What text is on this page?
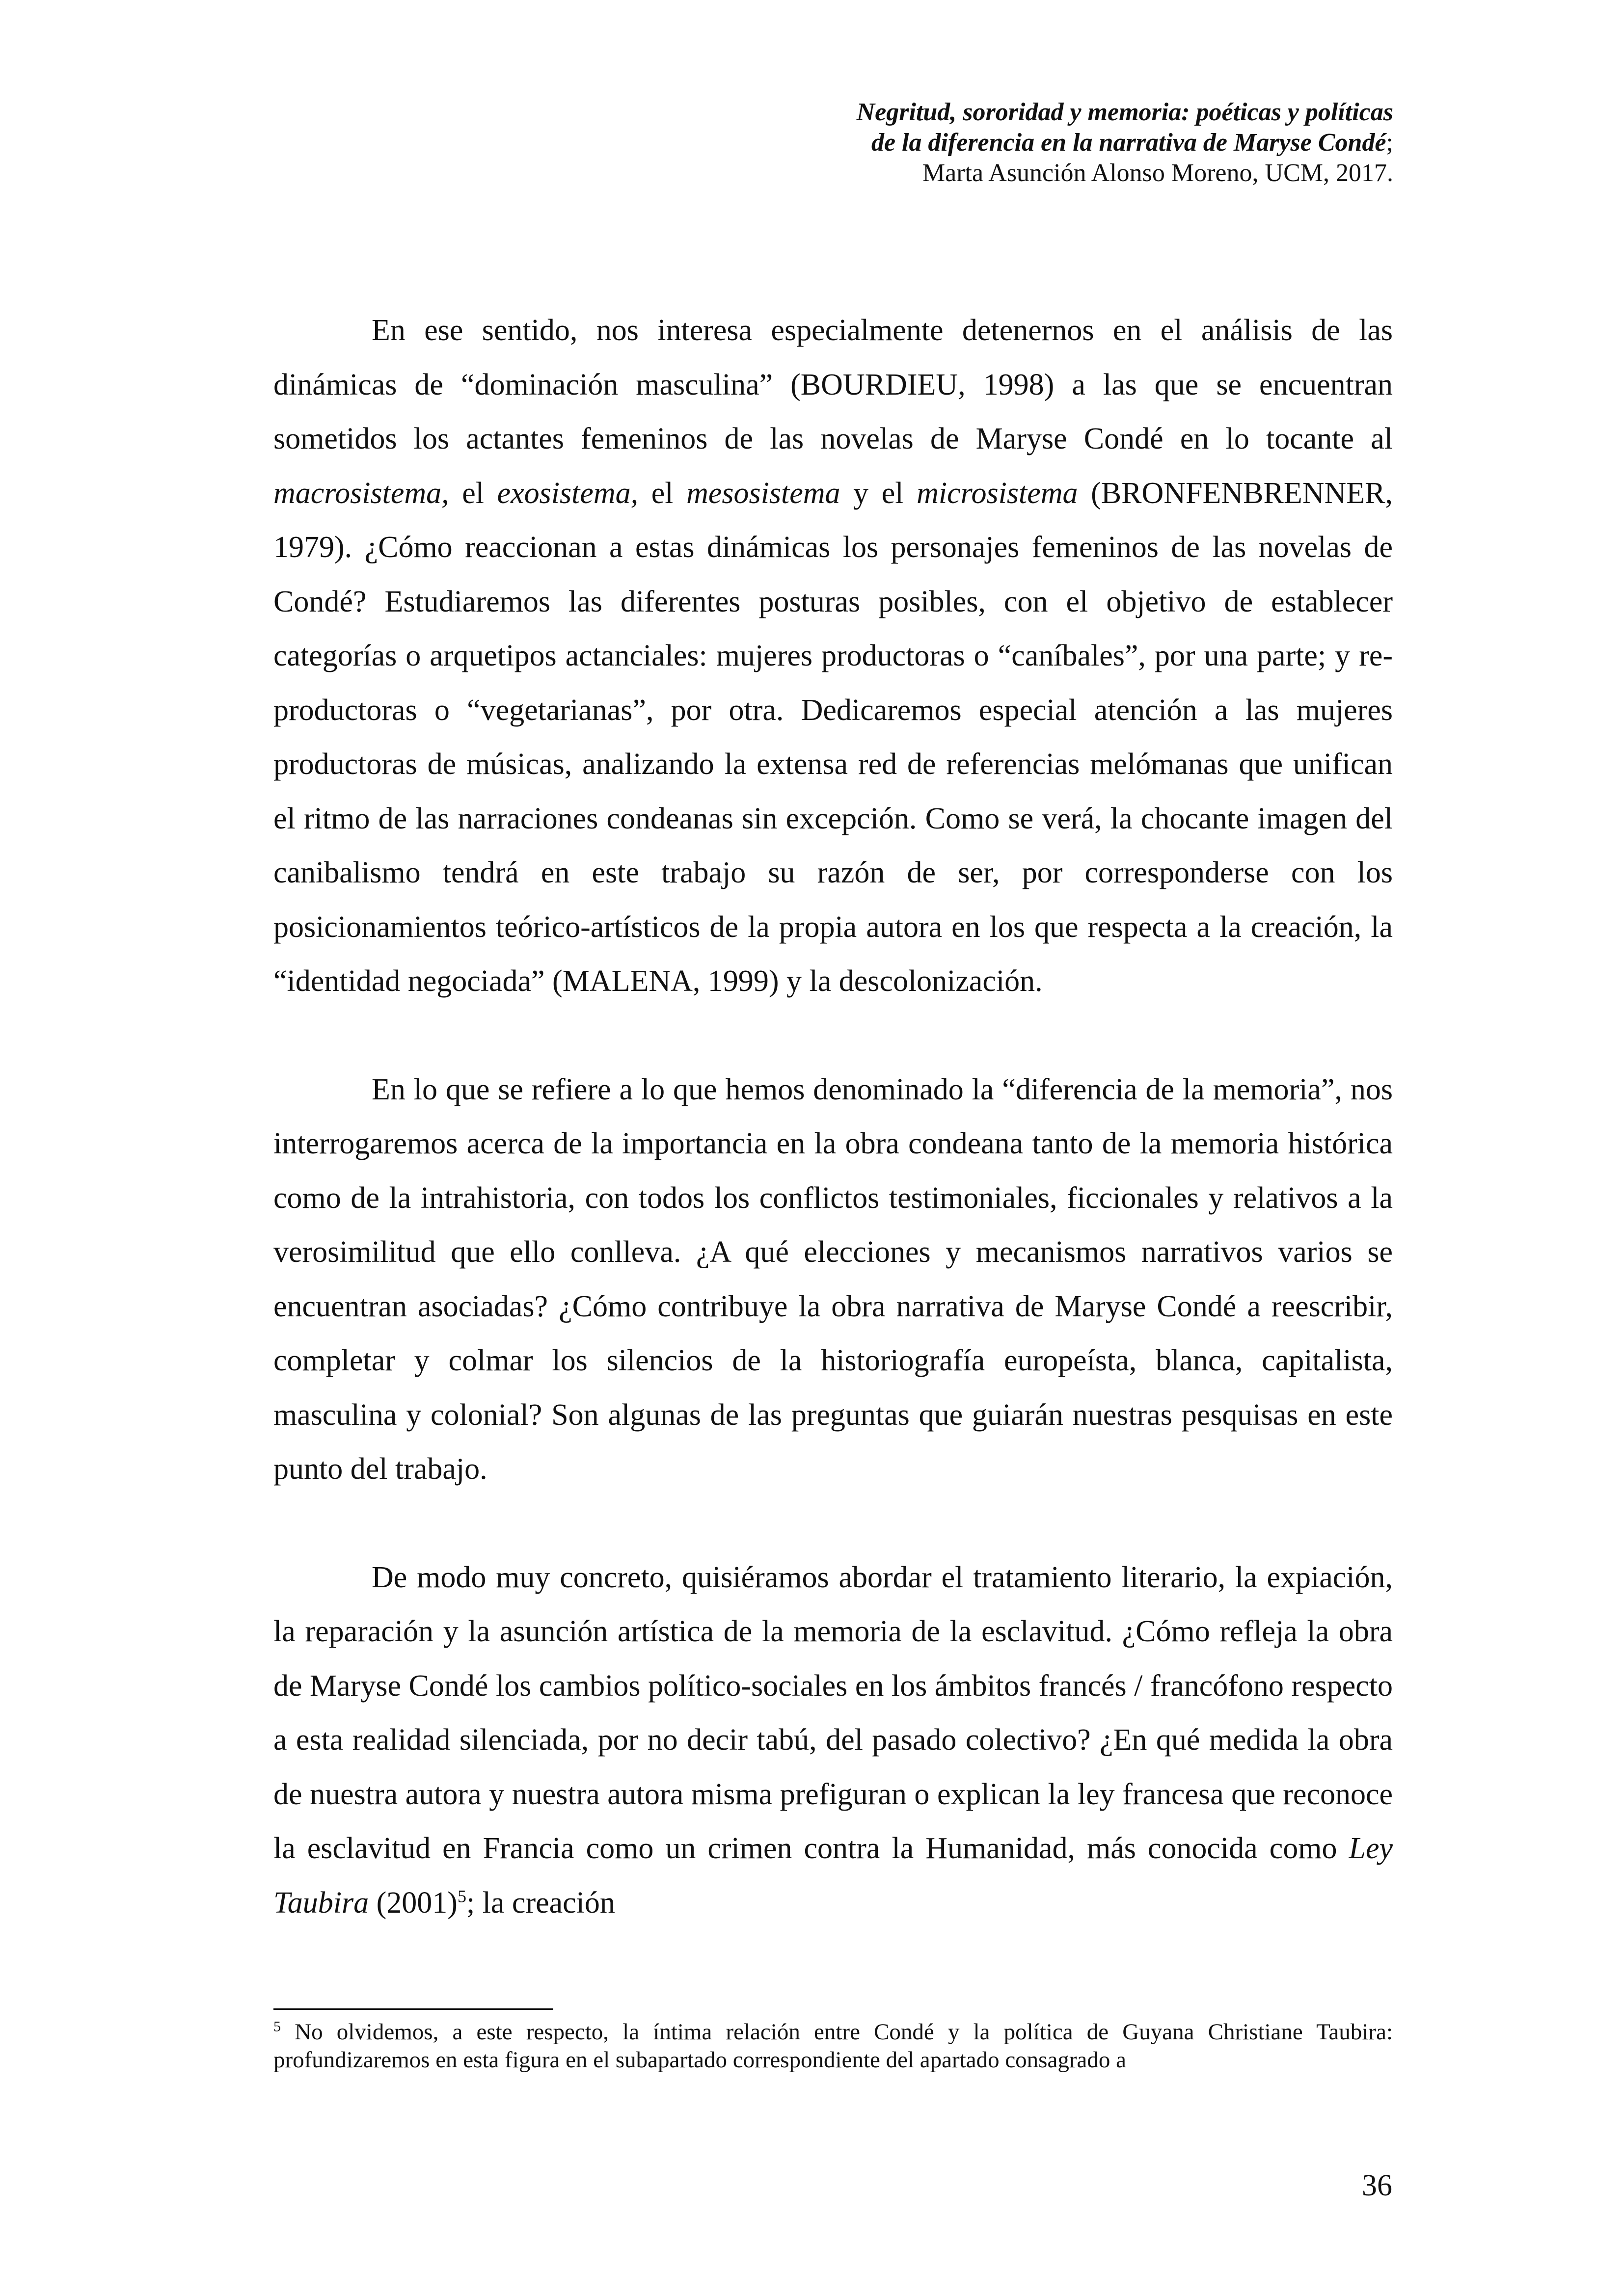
Negritud, sororidad y memoria: poéticas y políticas
de la diferencia en la narrativa de Maryse Condé;
Marta Asunción Alonso Moreno, UCM, 2017.

En ese sentido, nos interesa especialmente detenernos en el análisis de las dinámicas de “dominación masculina” (BOURDIEU, 1998) a las que se encuentran sometidos los actantes femeninos de las novelas de Maryse Condé en lo tocante al macrosistema, el exosistema, el mesosistema y el microsistema (BRONFENBRENNER, 1979). ¿Cómo reaccionan a estas dinámicas los personajes femeninos de las novelas de Condé? Estudiaremos las diferentes posturas posibles, con el objetivo de establecer categorías o arquetipos actanciales: mujeres productoras o “caníbales”, por una parte; y re-productoras o “vegetarianas”, por otra. Dedicaremos especial atención a las mujeres productoras de músicas, analizando la extensa red de referencias melómanas que unifican el ritmo de las narraciones condeanas sin excepción. Como se verá, la chocante imagen del canibalismo tendrá en este trabajo su razón de ser, por corresponderse con los posicionamientos teórico-artísticos de la propia autora en los que respecta a la creación, la “identidad negociada” (MALENA, 1999) y la descolonización.

En lo que se refiere a lo que hemos denominado la “diferencia de la memoria”, nos interrogaremos acerca de la importancia en la obra condeana tanto de la memoria histórica como de la intrahistoria, con todos los conflictos testimoniales, ficcionales y relativos a la verosimilitud que ello conlleva. ¿A qué elecciones y mecanismos narrativos varios se encuentran asociadas? ¿Cómo contribuye la obra narrativa de Maryse Condé a reescribir, completar y colmar los silencios de la historiografía europeísta, blanca, capitalista, masculina y colonial? Son algunas de las preguntas que guiarán nuestras pesquisas en este punto del trabajo.

De modo muy concreto, quisiéramos abordar el tratamiento literario, la expiación, la reparación y la asunción artística de la memoria de la esclavitud. ¿Cómo refleja la obra de Maryse Condé los cambios político-sociales en los ámbitos francés / francófono respecto a esta realidad silenciada, por no decir tabú, del pasado colectivo? ¿En qué medida la obra de nuestra autora y nuestra autora misma prefiguran o explican la ley francesa que reconoce la esclavitud en Francia como un crimen contra la Humanidad, más conocida como Ley Taubira $(2001)^5$; la creación

$^5$ No olvidemos, a este respecto, la íntima relación entre Condé y la política de Guyana Christiane Taubira: profundizaremos en esta figura en el subapartado correspondiente del apartado consagrado a

36
